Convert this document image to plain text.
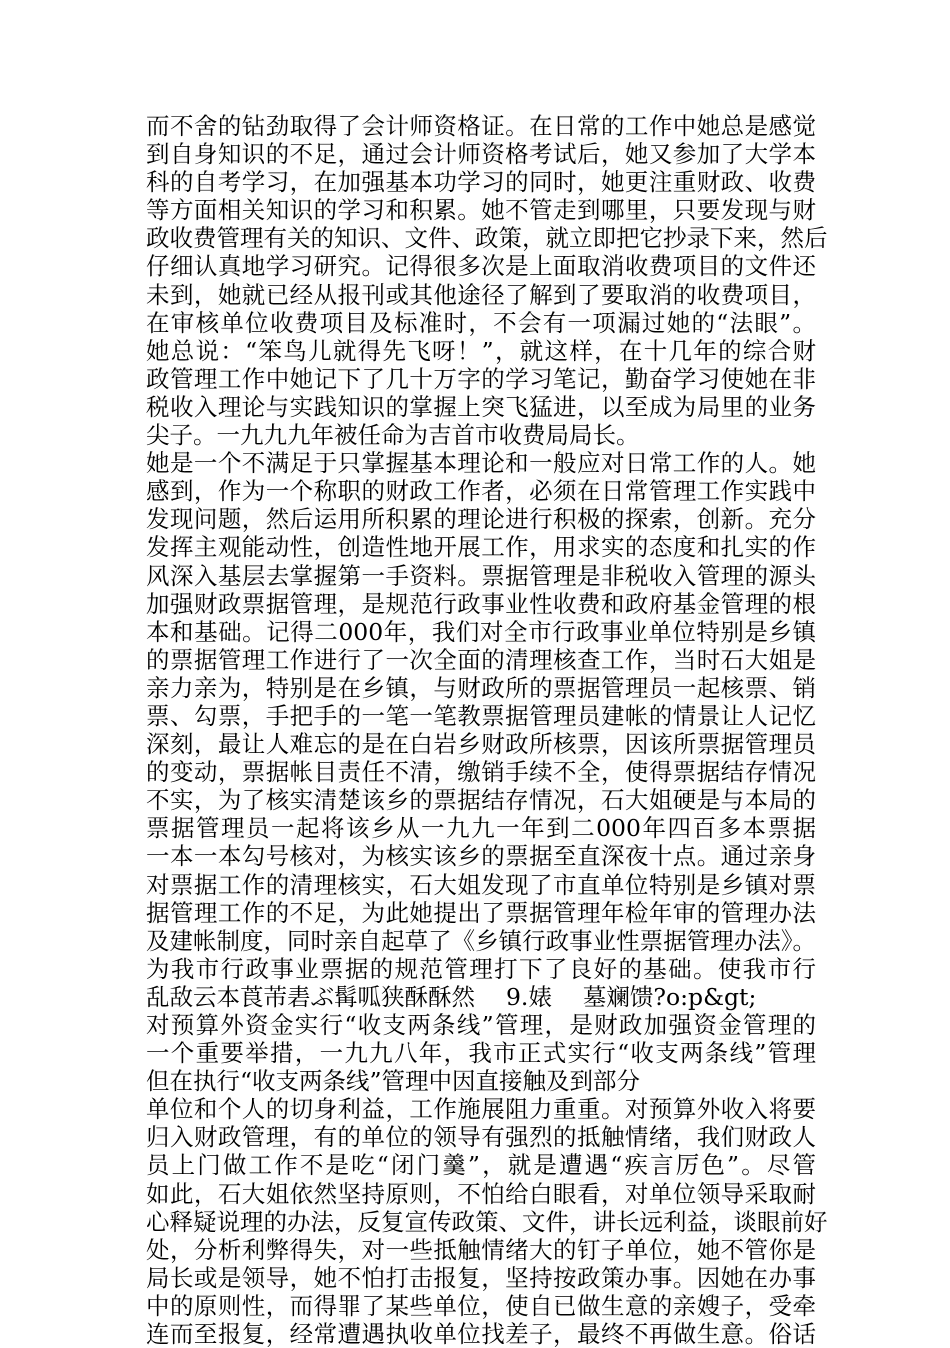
而不舍的钻劲取得了会计师资格证。在日常的工作中她总是感觉
到自身知识的不足，通过会计师资格考试后，她又参加了大学本
科的自考学习，在加强基本功学习的同时，她更注重财政、收费
等方面相关知识的学习和积累。她不管走到哪里，只要发现与财
政收费管理有关的知识、文件、政策，就立即把它抄录下来，然后
仔细认真地学习研究。记得很多次是上面取消收费项目的文件还
未到，她就已经从报刊或其他途径了解到了要取消的收费项目，
在审核单位收费项目及标准时，不会有一项漏过她的“法眼”。
她总说：“笨鸟儿就得先飞呀！”，就这样，在十几年的综合财
政管理工作中她记下了几十万字的学习笔记，勤奋学习使她在非
税收入理论与实践知识的掌握上突飞猛进，以至成为局里的业务
尖子。一九九九年被任命为吉首市收费局局长。
她是一个不满足于只掌握基本理论和一般应对日常工作的人。她
感到，作为一个称职的财政工作者，必须在日常管理工作实践中
发现问题，然后运用所积累的理论进行积极的探索，创新。充分
发挥主观能动性，创造性地开展工作，用求实的态度和扎实的作
风深入基层去掌握第一手资料。票据管理是非税收入管理的源头
加强财政票据管理，是规范行政事业性收费和政府基金管理的根
本和基础。记得二000年，我们对全市行政事业单位特别是乡镇
的票据管理工作进行了一次全面的清理核查工作，当时石大姐是
亲力亲为，特别是在乡镇，与财政所的票据管理员一起核票、销
票、勾票，手把手的一笔一笔教票据管理员建帐的情景让人记忆
深刻，最让人难忘的是在白岩乡财政所核票，因该所票据管理员
的变动，票据帐目责任不清，缴销手续不全，使得票据结存情况
不实，为了核实清楚该乡的票据结存情况，石大姐硬是与本局的
票据管理员一起将该乡从一九九一年到二000年四百多本票据
一本一本勾号核对，为核实该乡的票据至直深夜十点。通过亲身
对票据工作的清理核实，石大姐发现了市直单位特别是乡镇对票
据管理工作的不足，为此她提出了票据管理年检年审的管理办法
及建帐制度，同时亲自起草了《乡镇行政事业性票据管理办法》。
为我市行政事业票据的规范管理打下了良好的基础。使我市行
乱敌云本莨芾砉ぶ髯呱狭酥酥然　 9.婊　 墓斓馈?o:p&gt;
对预算外资金实行“收支两条线”管理，是财政加强资金管理的
一个重要举措，一九九八年，我市正式实行“收支两条线”管理
但在执行“收支两条线”管理中因直接触及到部分
单位和个人的切身利益，工作施展阻力重重。对预算外收入将要
归入财政管理，有的单位的领导有强烈的抵触情绪，我们财政人
员上门做工作不是吃“闭门羹”，就是遭遇“疾言厉色”。尽管
如此，石大姐依然坚持原则，不怕给白眼看，对单位领导采取耐
心释疑说理的办法，反复宣传政策、文件，讲长远利益，谈眼前好
处，分析利弊得失，对一些抵触情绪大的钉子单位，她不管你是
局长或是领导，她不怕打击报复，坚持按政策办事。因她在办事
中的原则性，而得罪了某些单位，使自已做生意的亲嫂子，受牵
连而至报复，经常遭遇执收单位找差子，最终不再做生意。俗话
